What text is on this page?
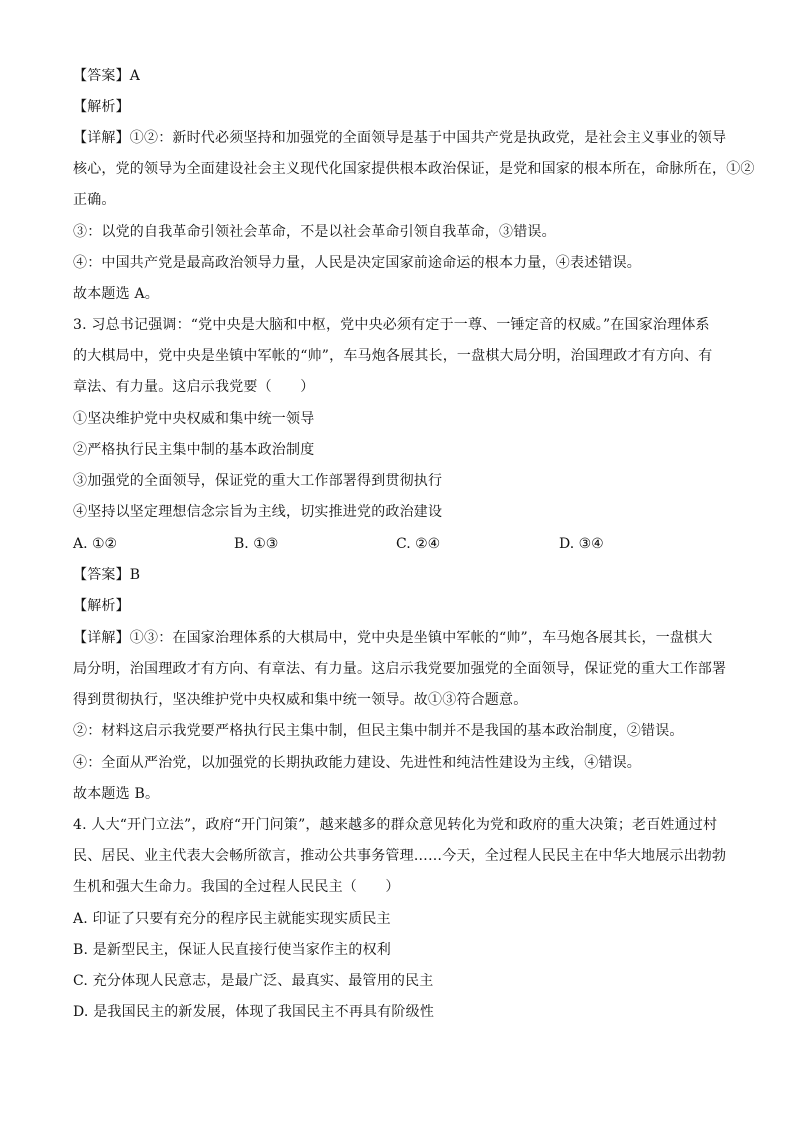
【答案】A
【解析】
【详解】①②：新时代必须坚持和加强党的全面领导是基于中国共产党是执政党，是社会主义事业的领导
核心，党的领导为全面建设社会主义现代化国家提供根本政治保证，是党和国家的根本所在，命脉所在，①②
正确。
③：以党的自我革命引领社会革命，不是以社会革命引领自我革命，③错误。
④：中国共产党是最高政治领导力量，人民是决定国家前途命运的根本力量，④表述错误。
故本题选 A。
3. 习总书记强调：“党中央是大脑和中枢，党中央必须有定于一尊、一锤定音的权威。”在国家治理体系
的大棋局中，党中央是坐镇中军帐的“帅”，车马炮各展其长，一盘棋大局分明，治国理政才有方向、有
章法、有力量。这启示我党要（　　）
①坚决维护党中央权威和集中统一领导
②严格执行民主集中制的基本政治制度
③加强党的全面领导，保证党的重大工作部署得到贯彻执行
④坚持以坚定理想信念宗旨为主线，切实推进党的政治建设
A. ①②	B. ①③	C. ②④	D. ③④
【答案】B
【解析】
【详解】①③：在国家治理体系的大棋局中，党中央是坐镇中军帐的“帅”，车马炮各展其长，一盘棋大
局分明，治国理政才有方向、有章法、有力量。这启示我党要加强党的全面领导，保证党的重大工作部署
得到贯彻执行，坚决维护党中央权威和集中统一领导。故①③符合题意。
②：材料这启示我党要严格执行民主集中制，但民主集中制并不是我国的基本政治制度，②错误。
④：全面从严治党，以加强党的长期执政能力建设、先进性和纯洁性建设为主线，④错误。
故本题选 B。
4. 人大“开门立法”，政府“开门问策”，越来越多的群众意见转化为党和政府的重大决策；老百姓通过村
民、居民、业主代表大会畅所欲言，推动公共事务管理……今天，全过程人民民主在中华大地展示出勃勃
生机和强大生命力。我国的全过程人民民主（　　）
A. 印证了只要有充分的程序民主就能实现实质民主
B. 是新型民主，保证人民直接行使当家作主的权利
C. 充分体现人民意志，是最广泛、最真实、最管用的民主
D. 是我国民主的新发展，体现了我国民主不再具有阶级性
